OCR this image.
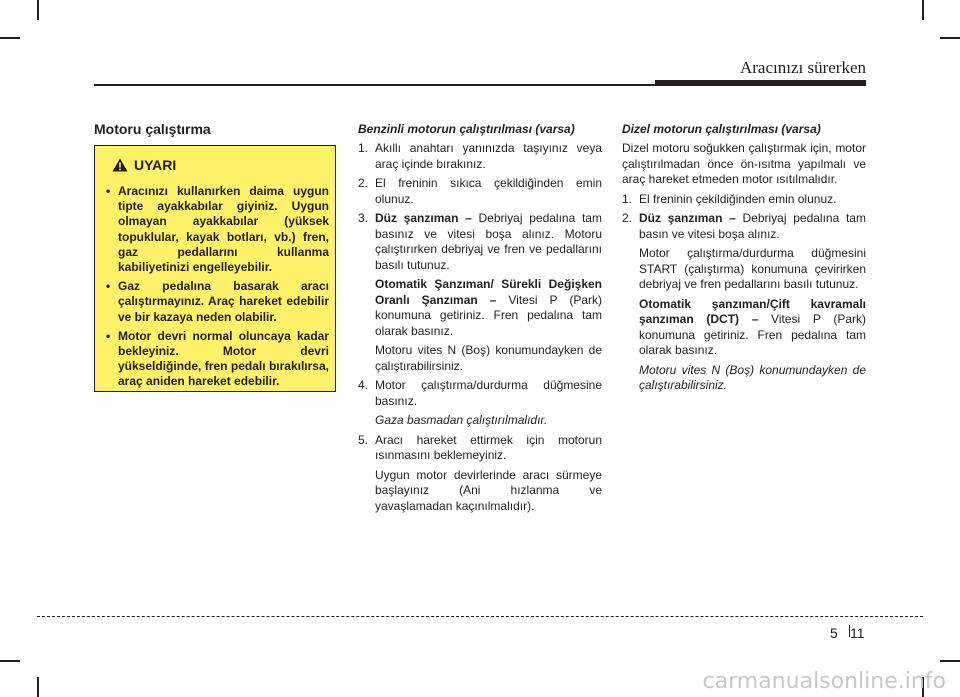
Aracınızı sürerken
Motoru çalıştırma
UYARI
• Aracınızı kullanırken daima uygun tipte ayakkabılar giyiniz. Uygun olmayan ayakkabılar (yüksek topuklular, kayak botları, vb.) fren, gaz pedallarını kullanma kabiliyetinizi engelleyebilir.
• Gaz pedalına basarak aracı çalıştırmayınız. Araç hareket edebilir ve bir kazaya neden olabilir.
• Motor devri normal oluncaya kadar bekleyiniz. Motor devri yükseldiğinde, fren pedalı bırakılırsa, araç aniden hareket edebilir.
Benzinli motorun çalıştırılması (varsa)
1. Akıllı anahtarı yanınızda taşıyınız veya araç içinde bırakınız.
2. El freninin sıkıca çekildiğinden emin olunuz.
3. Düz şanzıman – Debriyaj pedalına tam basınız ve vitesi boşa alınız. Motoru çalıştırırken debriyaj ve fren ve pedallarını basılı tutunuz.
Otomatik Şanzıman/ Sürekli Değişken Oranlı Şanzıman – Vitesi P (Park) konumuna getiriniz. Fren pedalına tam olarak basınız.
Motoru vites N (Boş) konumundayken de çalıştırabilirsiniz.
4. Motor çalıştırma/durdurma düğmesine basınız.
Gaza basmadan çalıştırılmalıdır.
5. Aracı hareket ettirmek için motorun ısınmasını beklemeyiniz.
Uygun motor devirlerinde aracı sürmeye başlayınız (Ani hızlanma ve yavaşlamadan kaçınılmalıdır).
Dizel motorun çalıştırılması (varsa)
Dizel motoru soğukken çalıştırmak için, motor çalıştırılmadan önce ön-ısıtma yapılmalı ve araç hareket etmeden motor ısıtılmalıdır.
1. El freninin çekildiğinden emin olunuz.
2. Düz şanzıman – Debriyaj pedalına tam basın ve vitesi boşa alınız.
Motor çalıştırma/durdurma düğmesini START (çalıştırma) konumuna çevirirken debriyaj ve fren pedallarını basılı tutunuz.
Otomatik şanzıman/Çift kavramalı şanzıman (DCT) – Vitesi P (Park) konumuna getiriniz. Fren pedalına tam olarak basınız.
Motoru vites N (Boş) konumundayken de çalıştırabilirsiniz.
5 11
carmanualsonline.info
